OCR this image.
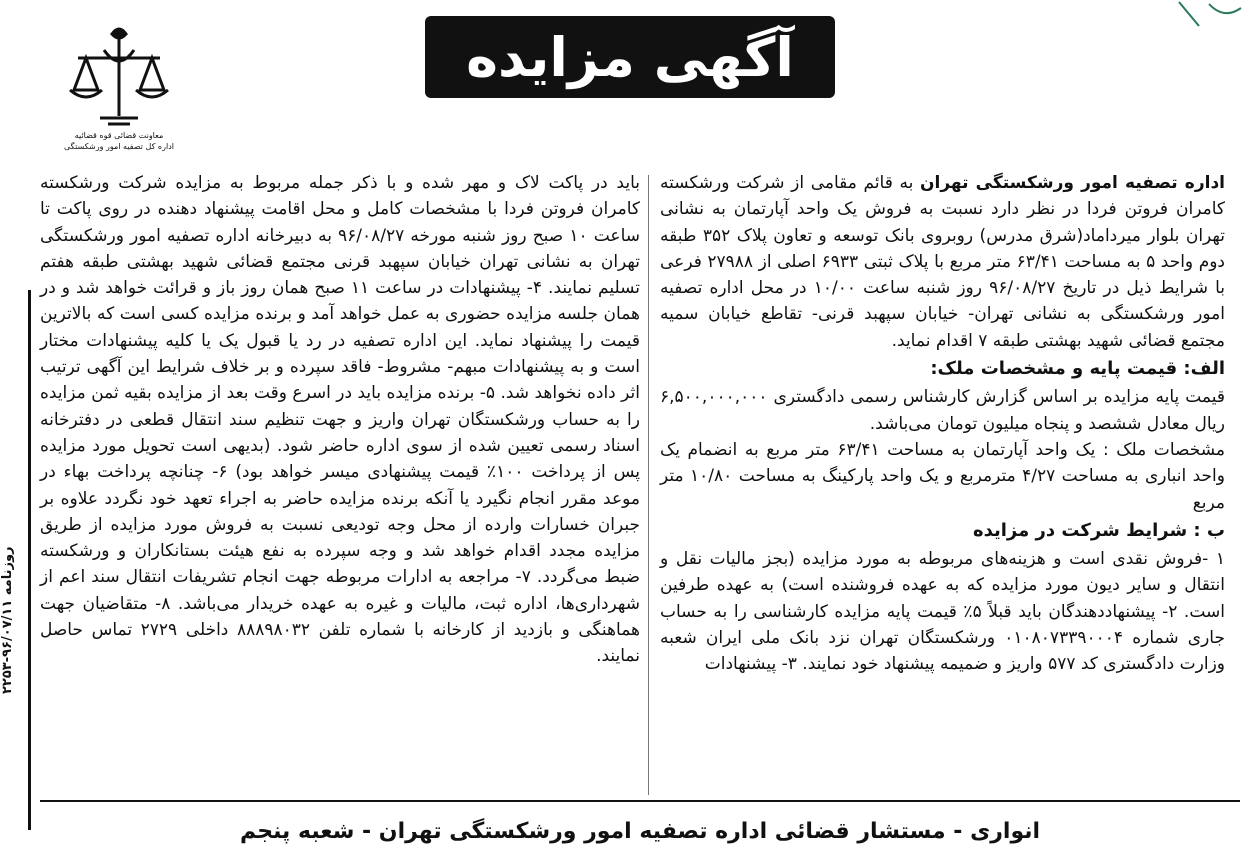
روزنامه ۹۶/۰۷/۱۱-۲۲۵۳
معاونت قضائی قوه قضائیه
اداره کل تصفیه امور ورشکستگی
آگهی مزایده

اداره تصفیه امور ورشکستگی تهران به قائم مقامی از شرکت ورشکسته کامران فروتن فردا در نظر دارد نسبت به فروش یک واحد آپارتمان به نشانی تهران بلوار میرداماد(شرق مدرس) روبروی بانک توسعه و تعاون پلاک ۳۵۲ طبقه دوم واحد ۵ به مساحت ۶۳/۴۱ متر مربع با پلاک ثبتی ۶۹۳۳ اصلی از ۲۷۹۸۸ فرعی با شرایط ذیل در تاریخ ۹۶/۰۸/۲۷ روز شنبه ساعت ۱۰/۰۰ در محل اداره تصفیه امور ورشکستگی به نشانی تهران- خیابان سپهبد قرنی- تقاطع خیابان سمیه مجتمع قضائی شهید بهشتی طبقه ۷ اقدام نماید.

الف: قیمت پایه و مشخصات ملک:

قیمت پایه مزایده بر اساس گزارش کارشناس رسمی دادگستری ۶,۵۰۰,۰۰۰,۰۰۰ ریال معادل ششصد و پنجاه میلیون تومان می‌باشد.

مشخصات ملک : یک واحد آپارتمان به مساحت ۶۳/۴۱ متر مربع به انضمام یک واحد انباری به مساحت ۴/۲۷ مترمربع و یک واحد پارکینگ به مساحت ۱۰/۸۰ متر مربع

ب : شرایط شرکت در مزایده

۱ -فروش نقدی است و هزینه‌های مربوطه به مورد مزایده (بجز مالیات نقل و انتقال و سایر دیون مورد مزایده که به عهده فروشنده است) به عهده طرفین است. ۲- پیشنهاددهندگان باید قبلاً ۵٪ قیمت پایه مزایده کارشناسی را به حساب جاری شماره ۰۱۰۸۰۷۳۳۹۰۰۰۴ ورشکستگان تهران نزد بانک ملی ایران شعبه وزارت دادگستری کد ۵۷۷ واریز و ضمیمه پیشنهاد خود نمایند. ۳- پیشنهادات

باید در پاکت لاک و مهر شده و با ذکر جمله مربوط به مزایده شرکت ورشکسته کامران فروتن فردا با مشخصات کامل و محل اقامت پیشنهاد دهنده در روی پاکت تا ساعت ۱۰ صبح روز شنبه مورخه ۹۶/۰۸/۲۷ به دبیرخانه اداره تصفیه امور ورشکستگی تهران به نشانی تهران خیابان سپهبد قرنی مجتمع قضائی شهید بهشتی طبقه هفتم تسلیم نمایند. ۴- پیشنهادات در ساعت ۱۱ صبح همان روز باز و قرائت خواهد شد و در همان جلسه مزایده حضوری به عمل خواهد آمد و برنده مزایده کسی است که بالاترین قیمت را پیشنهاد نماید. این اداره تصفیه در رد یا قبول یک یا کلیه پیشنهادات مختار است و به پیشنهادات مبهم- مشروط- فاقد سپرده و بر خلاف شرایط این آگهی ترتیب اثر داده نخواهد شد. ۵- برنده مزایده باید در اسرع وقت بعد از مزایده بقیه ثمن مزایده را به حساب ورشکستگان تهران واریز و جهت تنظیم سند انتقال قطعی در دفترخانه اسناد رسمی تعیین شده از سوی اداره حاضر شود. (بدیهی است تحویل مورد مزایده پس از پرداخت ۱۰۰٪ قیمت پیشنهادی میسر خواهد بود) ۶- چنانچه پرداخت بهاء در موعد مقرر انجام نگیرد یا آنکه برنده مزایده حاضر به اجراء تعهد خود نگردد علاوه بر جبران خسارات وارده از محل وجه تودیعی نسبت به فروش مورد مزایده از طریق مزایده مجدد اقدام خواهد شد و وجه سپرده به نفع هیئت بستانکاران و ورشکسته ضبط می‌گردد. ۷- مراجعه به ادارات مربوطه جهت انجام تشریفات انتقال سند اعم از شهرداری‌ها، اداره ثبت، مالیات و غیره به عهده خریدار می‌باشد. ۸- متقاضیان جهت هماهنگی و بازدید از کارخانه با شماره تلفن ۸۸۸۹۸۰۳۲ داخلی ۲۷۲۹ تماس حاصل نمایند.

انواری - مستشار قضائی اداره تصفیه امور ورشکستگی تهران - شعبه پنجم
